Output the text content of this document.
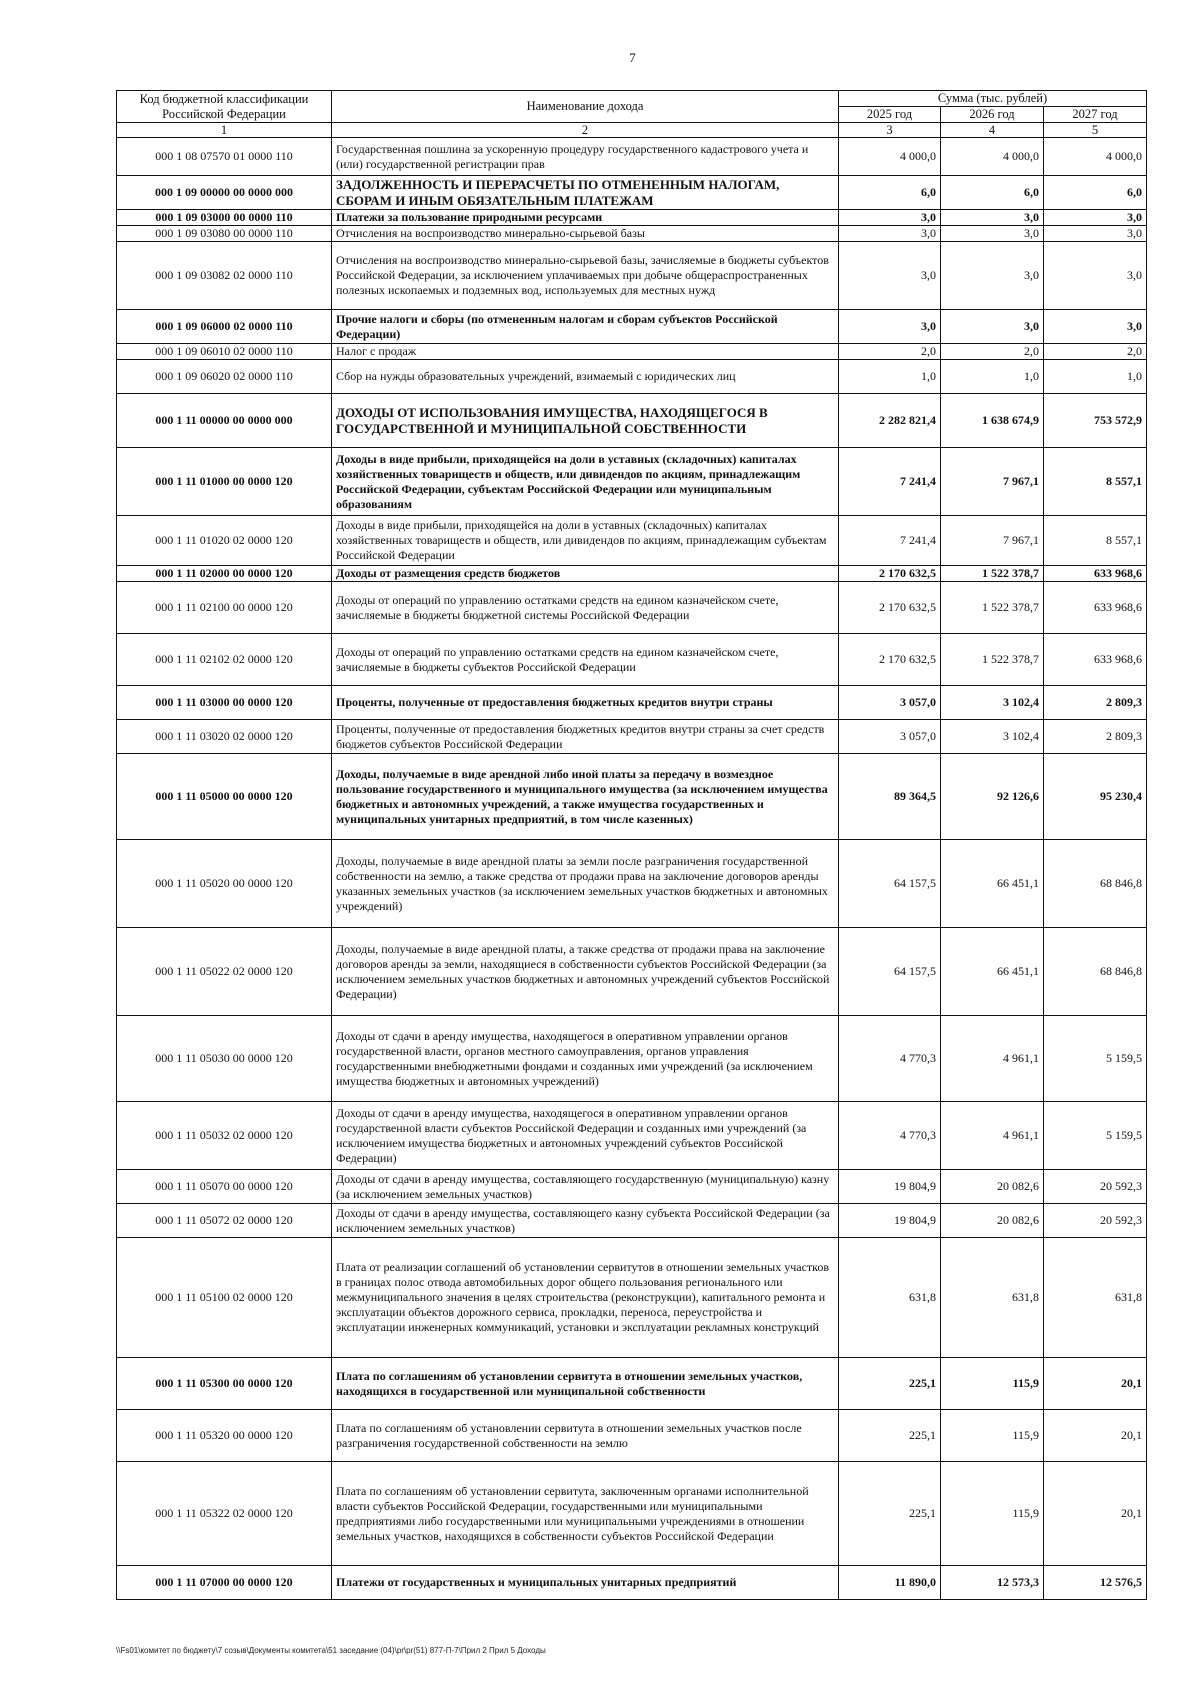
7
Код бюджетной классификации Российской Федерации	Наименование дохода	Сумма (тыс. рублей)		
		2025 год	2026 год	2027 год
1	2	3	4	5
000 1 08 07570 01 0000 110	Государственная пошлина за ускоренную процедуру государственного кадастрового учета и (или) государственной регистрации прав	4 000,0	4 000,0	4 000,0
000 1 09 00000 00 0000 000	ЗАДОЛЖЕННОСТЬ И ПЕРЕРАСЧЕТЫ ПО ОТМЕНЕННЫМ НАЛОГАМ, СБОРАМ И ИНЫМ ОБЯЗАТЕЛЬНЫМ ПЛАТЕЖАМ	6,0	6,0	6,0
000 1 09 03000 00 0000 110	Платежи за пользование природными ресурсами	3,0	3,0	3,0
000 1 09 03080 00 0000 110	Отчисления на воспроизводство минерально-сырьевой базы	3,0	3,0	3,0
000 1 09 03082 02 0000 110	Отчисления на воспроизводство минерально-сырьевой базы, зачисляемые в бюджеты субъектов Российской Федерации, за исключением уплачиваемых при добыче общераспространенных полезных ископаемых и подземных вод, используемых для местных нужд	3,0	3,0	3,0
000 1 09 06000 02 0000 110	Прочие налоги и сборы (по отмененным налогам и сборам субъектов Российской Федерации)	3,0	3,0	3,0
000 1 09 06010 02 0000 110	Налог с продаж	2,0	2,0	2,0
000 1 09 06020 02 0000 110	Сбор на нужды образовательных учреждений, взимаемый с юридических лиц	1,0	1,0	1,0
000 1 11 00000 00 0000 000	ДОХОДЫ ОТ ИСПОЛЬЗОВАНИЯ ИМУЩЕСТВА, НАХОДЯЩЕГОСЯ В ГОСУДАРСТВЕННОЙ И МУНИЦИПАЛЬНОЙ СОБСТВЕННОСТИ	2 282 821,4	1 638 674,9	753 572,9
000 1 11 01000 00 0000 120	Доходы в виде прибыли, приходящейся на доли в уставных (складочных) капиталах хозяйственных товариществ и обществ, или дивидендов по акциям, принадлежащим Российской Федерации, субъектам Российской Федерации или муниципальным образованиям	7 241,4	7 967,1	8 557,1
000 1 11 01020 02 0000 120	Доходы в виде прибыли, приходящейся на доли в уставных (складочных) капиталах хозяйственных товариществ и обществ, или дивидендов по акциям, принадлежащим субъектам Российской Федерации	7 241,4	7 967,1	8 557,1
000 1 11 02000 00 0000 120	Доходы от размещения средств бюджетов	2 170 632,5	1 522 378,7	633 968,6
000 1 11 02100 00 0000 120	Доходы от операций по управлению остатками средств на едином казначейском счете, зачисляемые в бюджеты бюджетной системы Российской Федерации	2 170 632,5	1 522 378,7	633 968,6
000 1 11 02102 02 0000 120	Доходы от операций по управлению остатками средств на едином казначейском счете, зачисляемые в бюджеты субъектов Российской Федерации	2 170 632,5	1 522 378,7	633 968,6
000 1 11 03000 00 0000 120	Проценты, полученные от предоставления бюджетных кредитов внутри страны	3 057,0	3 102,4	2 809,3
000 1 11 03020 02 0000 120	Проценты, полученные от предоставления бюджетных кредитов внутри страны за счет средств бюджетов субъектов Российской Федерации	3 057,0	3 102,4	2 809,3
000 1 11 05000 00 0000 120	Доходы, получаемые в виде арендной либо иной платы за передачу в возмездное пользование государственного и муниципального имущества (за исключением имущества бюджетных и автономных учреждений, а также имущества государственных и муниципальных унитарных предприятий, в том числе казенных)	89 364,5	92 126,6	95 230,4
000 1 11 05020 00 0000 120	Доходы, получаемые в виде арендной платы за земли после разграничения государственной собственности на землю, а также средства от продажи права на заключение договоров аренды указанных земельных участков (за исключением земельных участков бюджетных и автономных учреждений)	64 157,5	66 451,1	68 846,8
000 1 11 05022 02 0000 120	Доходы, получаемые в виде арендной платы, а также средства от продажи права на заключение договоров аренды за земли, находящиеся в собственности субъектов Российской Федерации (за исключением земельных участков бюджетных и автономных учреждений субъектов Российской Федерации)	64 157,5	66 451,1	68 846,8
000 1 11 05030 00 0000 120	Доходы от сдачи в аренду имущества, находящегося в оперативном управлении органов государственной власти, органов местного самоуправления, органов управления государственными внебюджетными фондами и созданных ими учреждений (за исключением имущества бюджетных и автономных учреждений)	4 770,3	4 961,1	5 159,5
000 1 11 05032 02 0000 120	Доходы от сдачи в аренду имущества, находящегося в оперативном управлении органов государственной власти субъектов Российской Федерации и созданных ими учреждений (за исключением имущества бюджетных и автономных учреждений субъектов Российской Федерации)	4 770,3	4 961,1	5 159,5
000 1 11 05070 00 0000 120	Доходы от сдачи в аренду имущества, составляющего государственную (муниципальную) казну (за исключением земельных участков)	19 804,9	20 082,6	20 592,3
000 1 11 05072 02 0000 120	Доходы от сдачи в аренду имущества, составляющего казну субъекта Российской Федерации (за исключением земельных участков)	19 804,9	20 082,6	20 592,3
000 1 11 05100 02 0000 120	Плата от реализации соглашений об установлении сервитутов в отношении земельных участков в границах полос отвода автомобильных дорог общего пользования регионального или межмуниципального значения в целях строительства (реконструкции), капитального ремонта и эксплуатации объектов дорожного сервиса, прокладки, переноса, переустройства и эксплуатации инженерных коммуникаций, установки и эксплуатации рекламных конструкций	631,8	631,8	631,8
000 1 11 05300 00 0000 120	Плата по соглашениям об установлении сервитута в отношении земельных участков, находящихся в государственной или муниципальной собственности	225,1	115,9	20,1
000 1 11 05320 00 0000 120	Плата по соглашениям об установлении сервитута в отношении земельных участков после разграничения государственной собственности на землю	225,1	115,9	20,1
000 1 11 05322 02 0000 120	Плата по соглашениям об установлении сервитута, заключенным органами исполнительной власти субъектов Российской Федерации, государственными или муниципальными предприятиями либо государственными или муниципальными учреждениями в отношении земельных участков, находящихся в собственности субъектов Российской Федерации	225,1	115,9	20,1
000 1 11 07000 00 0000 120	Платежи от государственных и муниципальных унитарных предприятий	11 890,0	12 573,3	12 576,5
\\Fs01\комитет по бюджету\7 созыв\Документы комитета\51 заседание (04)\pr\pr(51) 877-П-7\Прил 2 Прил 5 Доходы
